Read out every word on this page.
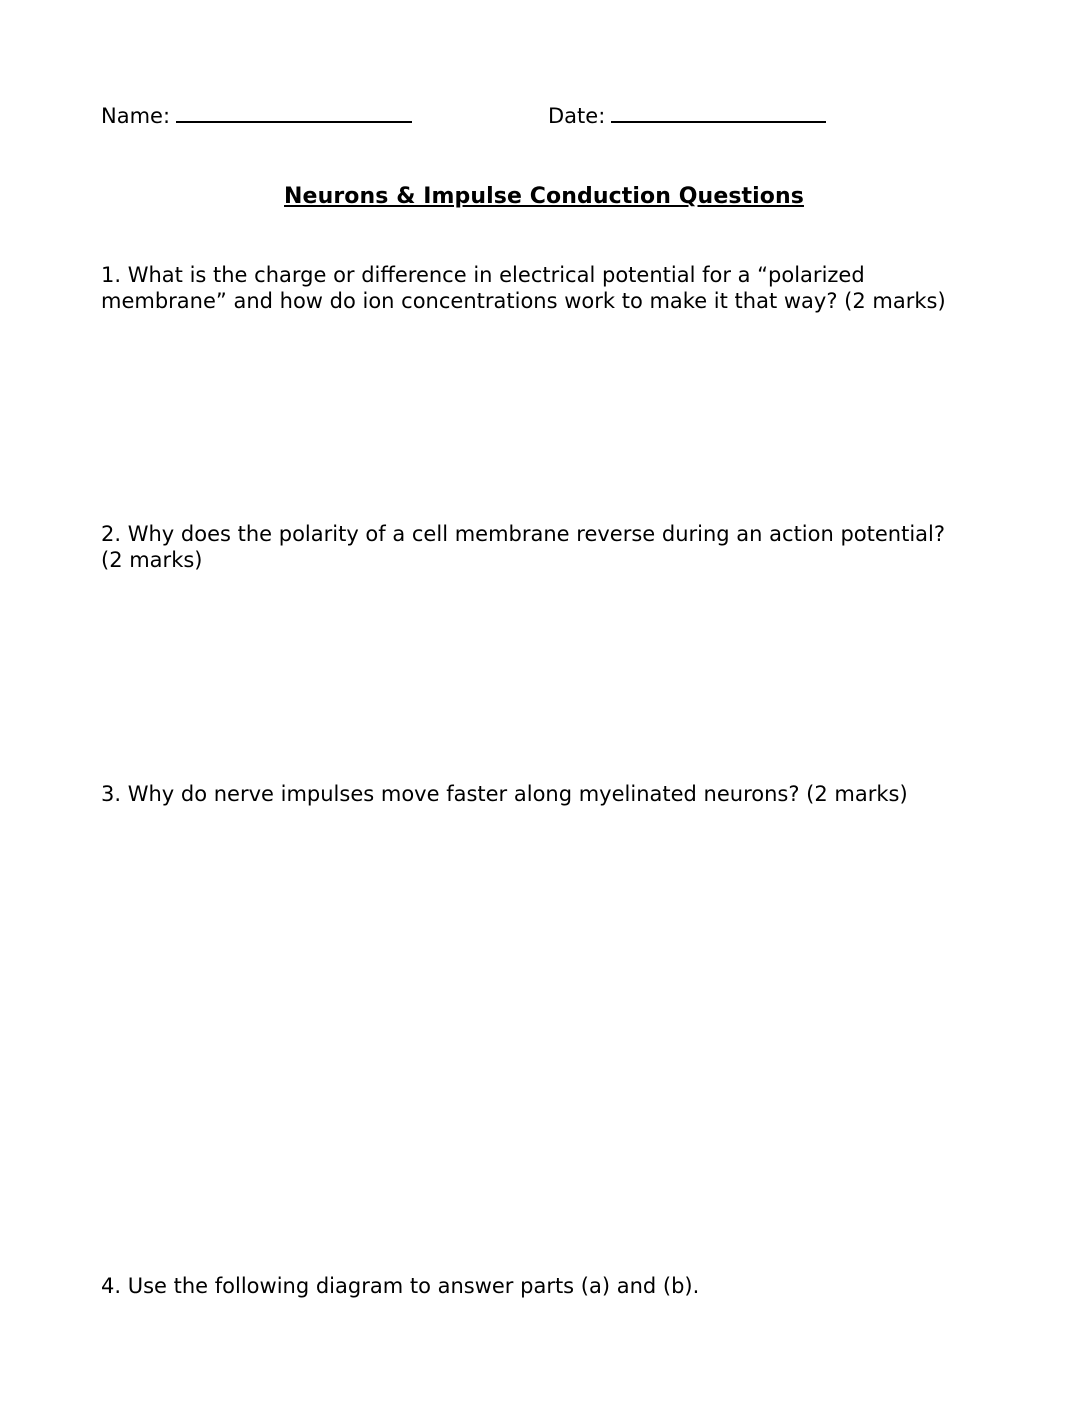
Name:	Date:
Neurons & Impulse Conduction Questions
1. What is the charge or difference in electrical potential for a “polarized
membrane” and how do ion concentrations work to make it that way? (2 marks)
2. Why does the polarity of a cell membrane reverse during an action potential?
(2 marks)
3. Why do nerve impulses move faster along myelinated neurons? (2 marks)
4. Use the following diagram to answer parts (a) and (b).
